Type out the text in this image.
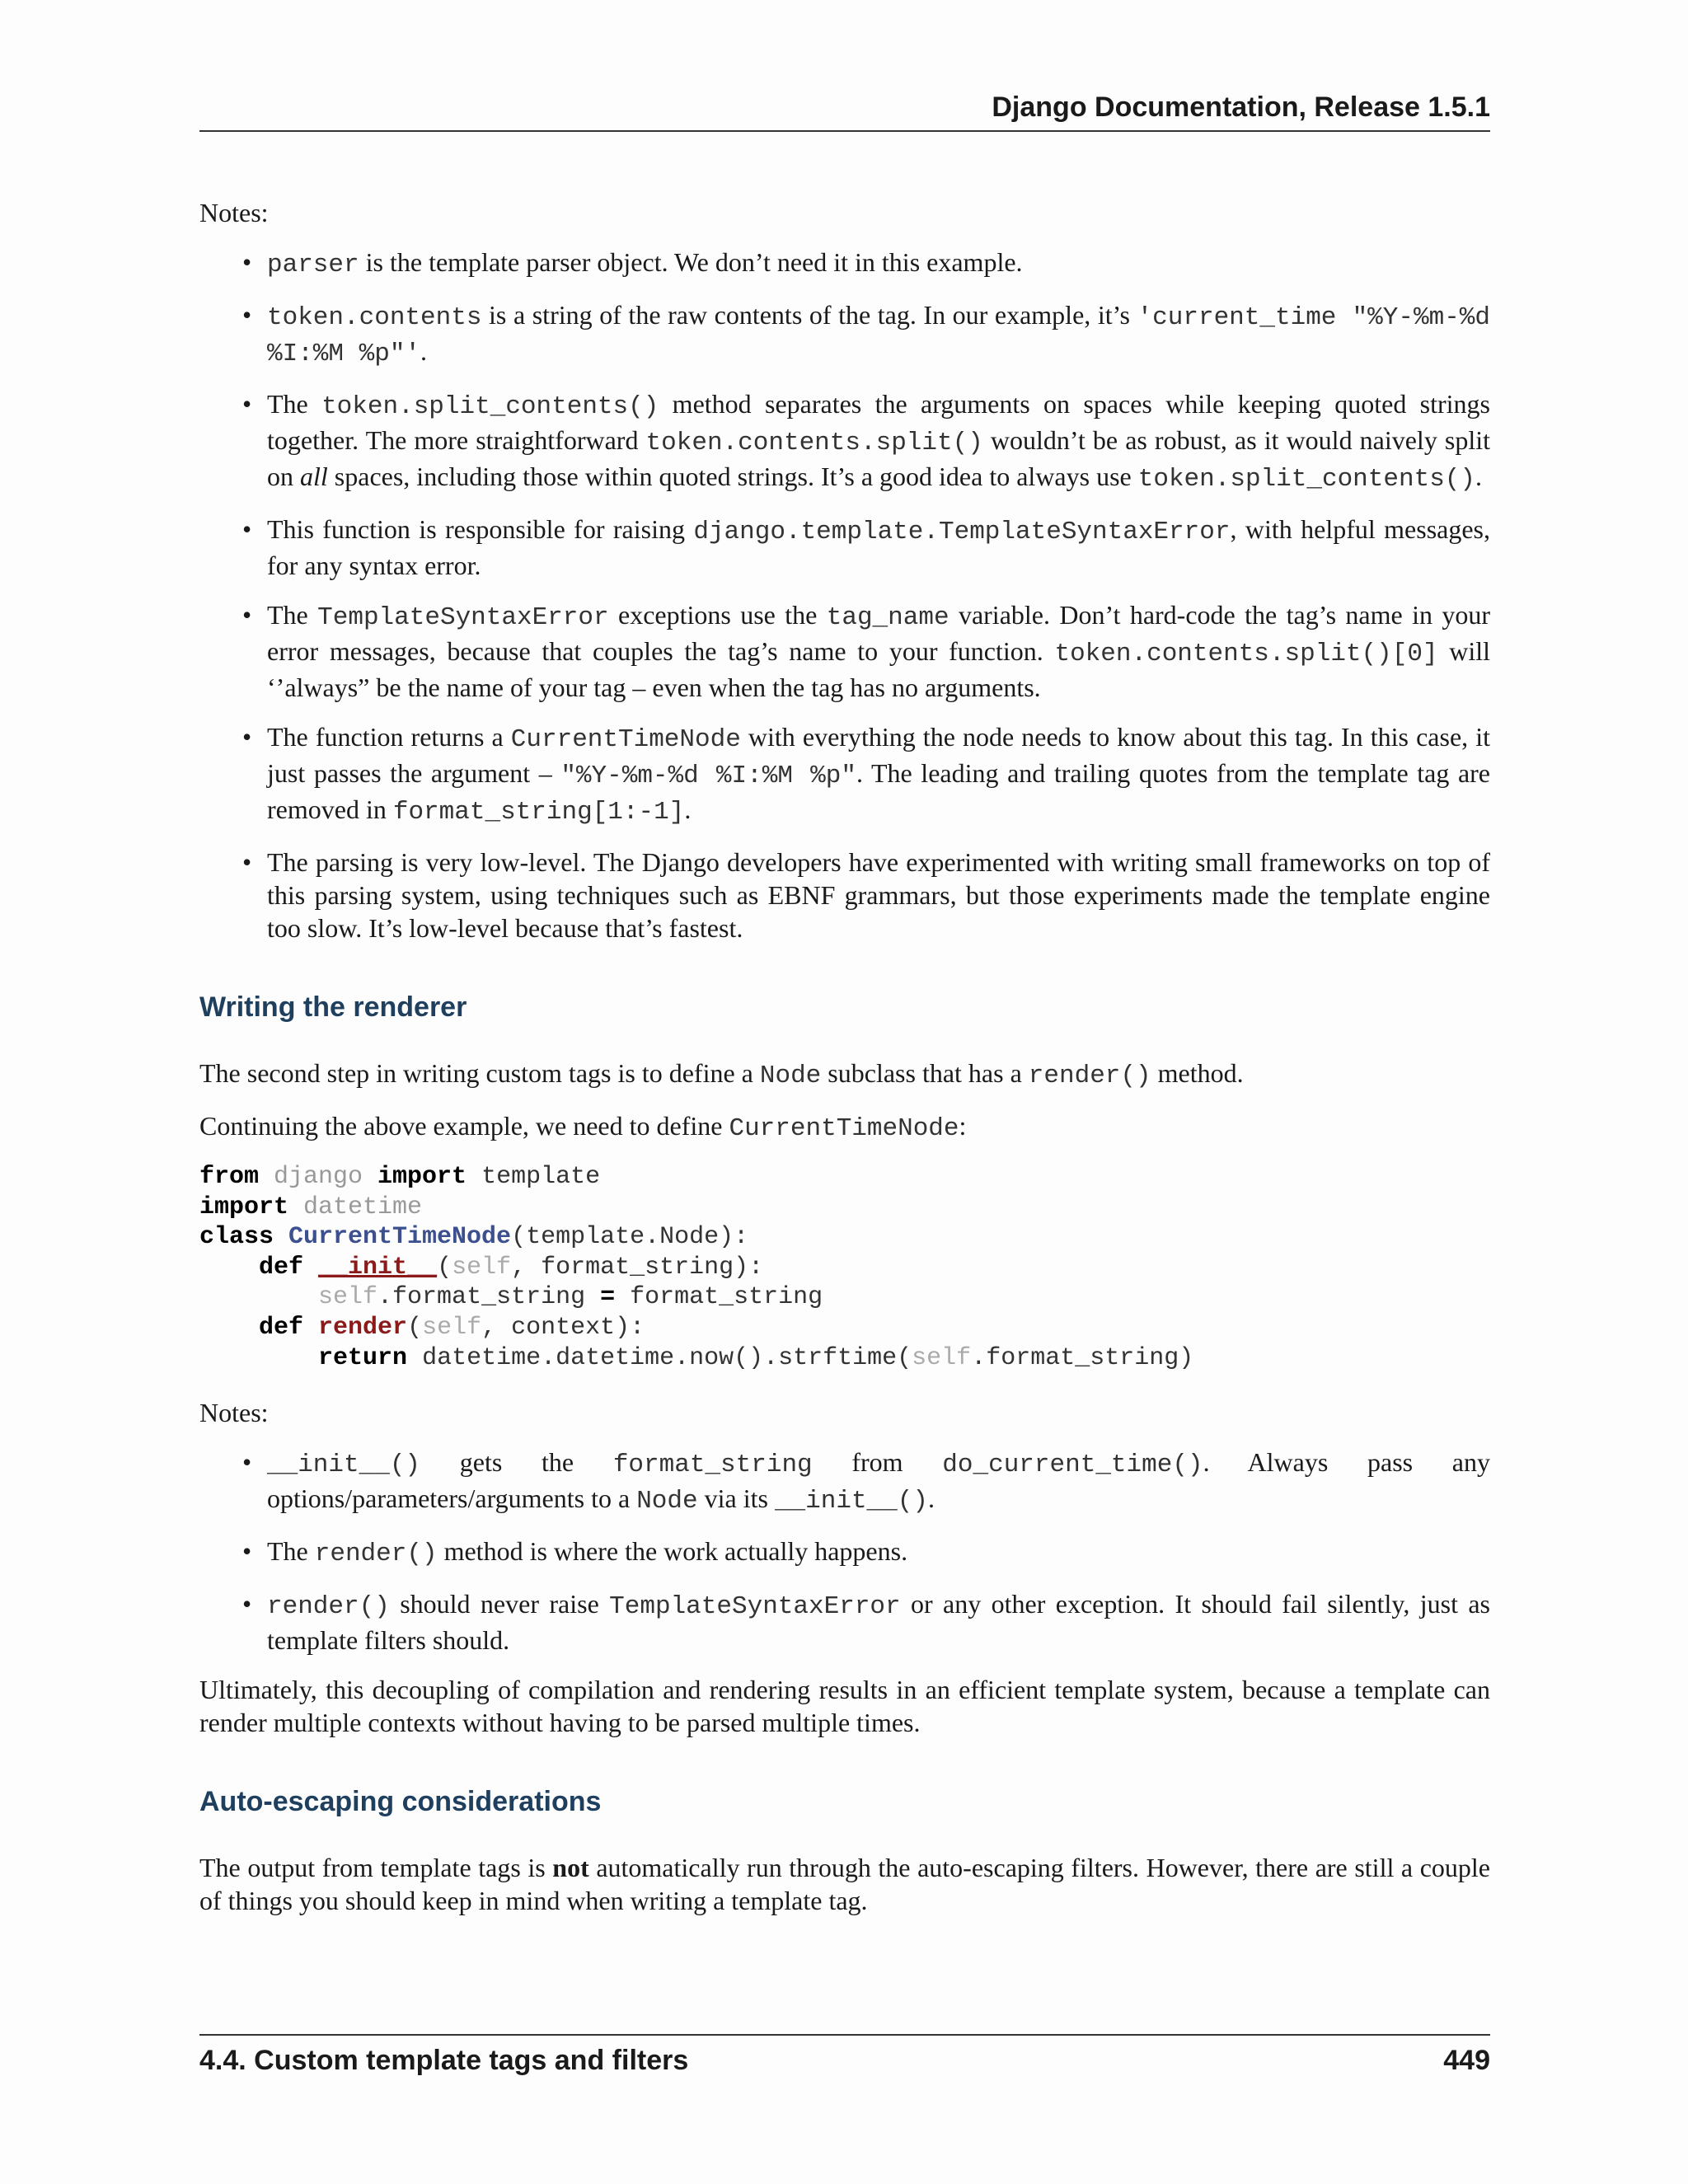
Django Documentation, Release 1.5.1

Notes:

• parser is the template parser object. We don’t need it in this example.
• token.contents is a string of the raw contents of the tag. In our example, it’s 'current_time "%Y-%m-%d %I:%M %p"'.
• The token.split_contents() method separates the arguments on spaces while keeping quoted strings together. The more straightforward token.contents.split() wouldn’t be as robust, as it would naively split on all spaces, including those within quoted strings. It’s a good idea to always use token.split_contents().
• This function is responsible for raising django.template.TemplateSyntaxError, with helpful messages, for any syntax error.
• The TemplateSyntaxError exceptions use the tag_name variable. Don’t hard-code the tag’s name in your error messages, because that couples the tag’s name to your function. token.contents.split()[0] will ‘’always” be the name of your tag – even when the tag has no arguments.
• The function returns a CurrentTimeNode with everything the node needs to know about this tag. In this case, it just passes the argument – "%Y-%m-%d %I:%M %p". The leading and trailing quotes from the template tag are removed in format_string[1:-1].
• The parsing is very low-level. The Django developers have experimented with writing small frameworks on top of this parsing system, using techniques such as EBNF grammars, but those experiments made the template engine too slow. It’s low-level because that’s fastest.
Writing the renderer

The second step in writing custom tags is to define a Node subclass that has a render() method.

Continuing the above example, we need to define CurrentTimeNode:

from django import template
import datetime
class CurrentTimeNode(template.Node):
def __init__(self, format_string):
self.format_string = format_string
def render(self, context):
return datetime.datetime.now().strftime(self.format_string)

Notes:

• __init__() gets the format_string from do_current_time(). Always pass any options/parameters/arguments to a Node via its __init__().
• The render() method is where the work actually happens.
• render() should never raise TemplateSyntaxError or any other exception. It should fail silently, just as template filters should.

Ultimately, this decoupling of compilation and rendering results in an efficient template system, because a template can render multiple contexts without having to be parsed multiple times.

Auto-escaping considerations

The output from template tags is not automatically run through the auto-escaping filters. However, there are still a couple of things you should keep in mind when writing a template tag.

4.4. Custom template tags and filters	449
